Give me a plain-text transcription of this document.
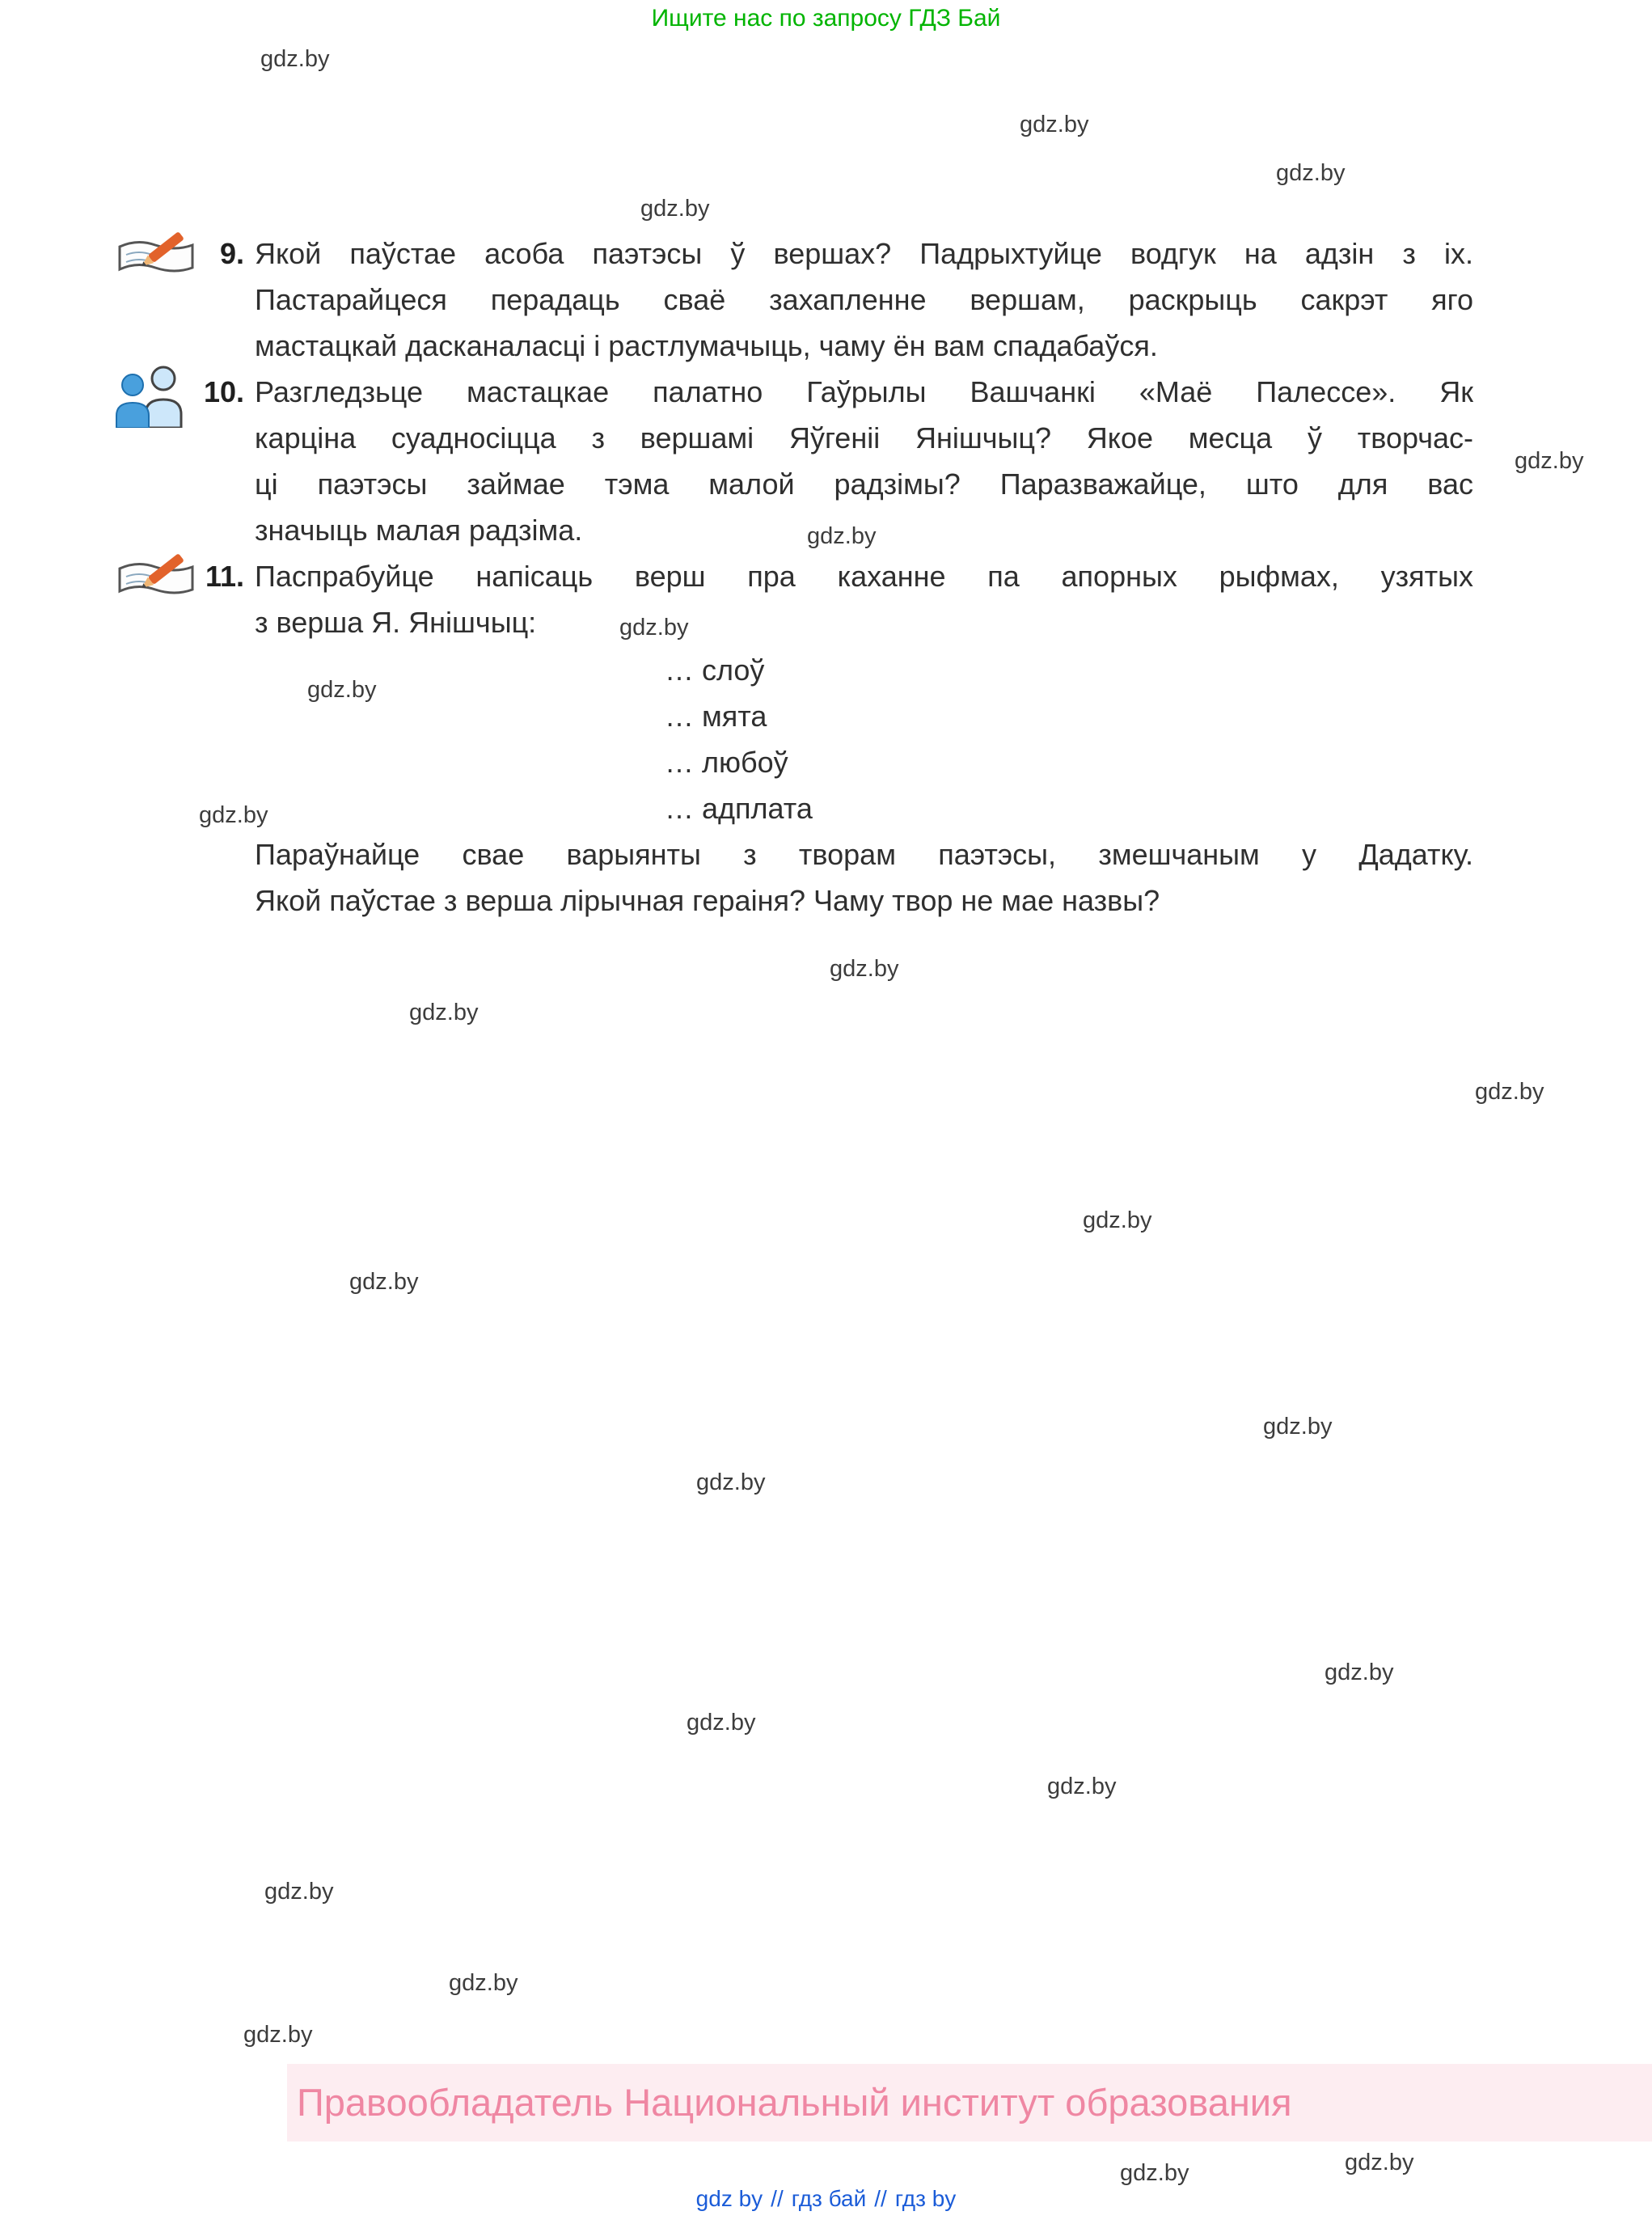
Ищите нас по запросу ГДЗ Бай
gdz.by
gdz.by
gdz.by
gdz.by
gdz.by
gdz.by
gdz.by
gdz.by
gdz.by
gdz.by
gdz.by
gdz.by
gdz.by
gdz.by
gdz.by
gdz.by
gdz.by
gdz.by
gdz.by
gdz.by
gdz.by
gdz.by
gdz.by
gdz.by
9. Якой паўстае асоба паэтэсы ў вершах? Падрыхтуйце водгук на адзін з іх.
Пастарайцеся перадаць сваё захапленне вершам, раскрыць сакрэт яго
мастацкай дасканаласці і растлумачыць, чаму ён вам спадабаўся.
10. Разгледзьце мастацкае палатно Гаўрылы Вашчанкі «Маё Палессе». Як
карціна суадносіцца з вершамі Яўгеніі Янішчыц? Якое месца ў творчас-
ці паэтэсы займае тэма малой радзімы? Паразважайце, што для вас
значыць малая радзіма.
11. Паспрабуйце напісаць верш пра каханне па апорных рыфмах, узятых
з верша Я. Янішчыц:
… слоў
… мята
… любоў
… адплата
Параўнайце свае варыянты з творам паэтэсы, змешчаным у Дадатку.
Якой паўстае з верша лірычная гераіня? Чаму твор не мае назвы?
Правообладатель Национальный институт образования
gdz by // гдз бай // гдз by
